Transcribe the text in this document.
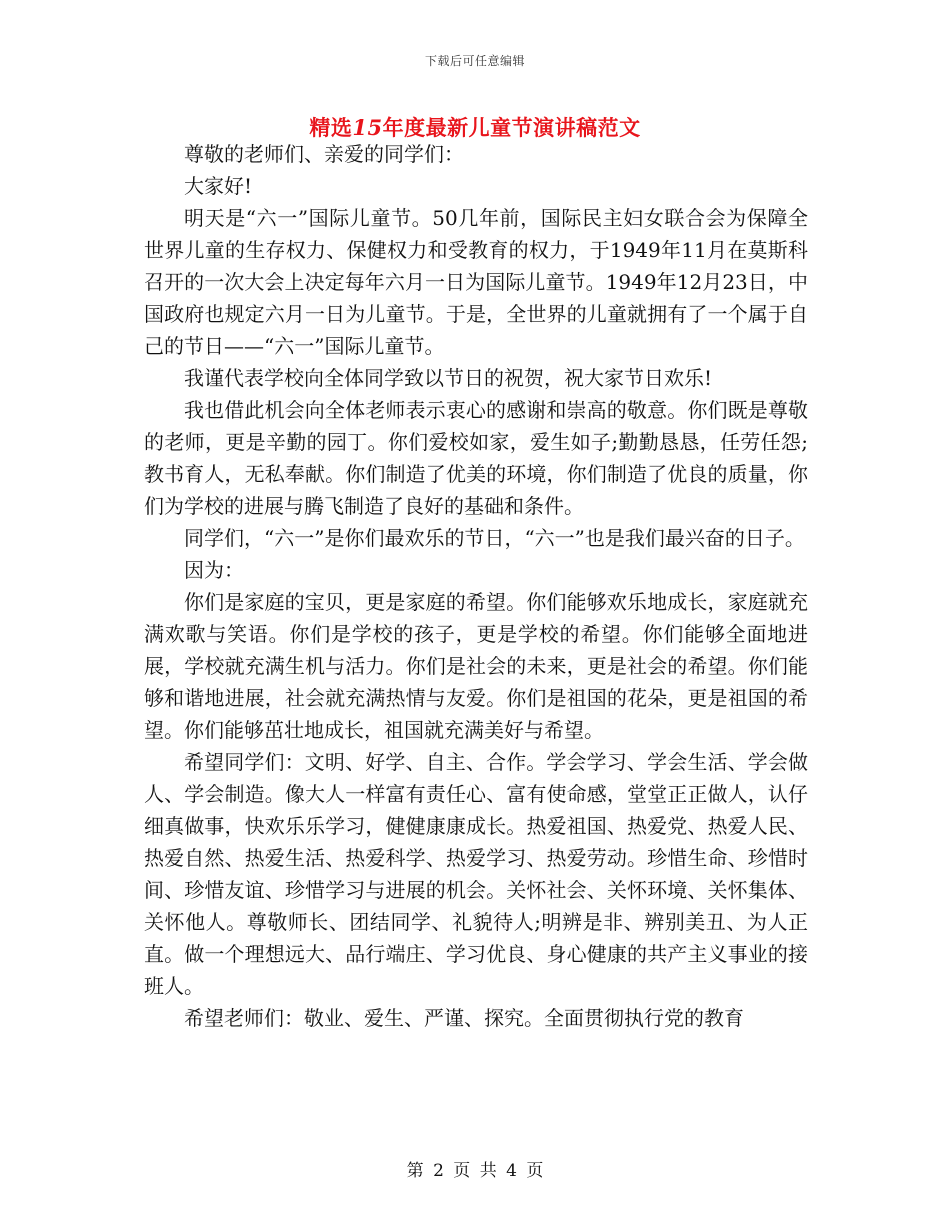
下载后可任意编辑
精选15年度最新儿童节演讲稿范文

尊敬的老师们、亲爱的同学们：

大家好!

明天是“六一”国际儿童节。50几年前，国际民主妇女联合会为保障全世界儿童的生存权力、保健权力和受教育的权力，于1949年11月在莫斯科召开的一次大会上决定每年六月一日为国际儿童节。1949年12月23日，中国政府也规定六月一日为儿童节。于是，全世界的儿童就拥有了一个属于自己的节日——“六一”国际儿童节。

我谨代表学校向全体同学致以节日的祝贺，祝大家节日欢乐!

我也借此机会向全体老师表示衷心的感谢和崇高的敬意。你们既是尊敬的老师，更是辛勤的园丁。你们爱校如家，爱生如子;勤勤恳恳，任劳任怨;教书育人，无私奉献。你们制造了优美的环境，你们制造了优良的质量，你们为学校的进展与腾飞制造了良好的基础和条件。

同学们，“六一”是你们最欢乐的节日，“六一”也是我们最兴奋的日子。

因为：

你们是家庭的宝贝，更是家庭的希望。你们能够欢乐地成长，家庭就充满欢歌与笑语。你们是学校的孩子，更是学校的希望。你们能够全面地进展，学校就充满生机与活力。你们是社会的未来，更是社会的希望。你们能够和谐地进展，社会就充满热情与友爱。你们是祖国的花朵，更是祖国的希望。你们能够茁壮地成长，祖国就充满美好与希望。

希望同学们：文明、好学、自主、合作。学会学习、学会生活、学会做人、学会制造。像大人一样富有责任心、富有使命感，堂堂正正做人，认仔细真做事，快欢乐乐学习，健健康康成长。热爱祖国、热爱党、热爱人民、热爱自然、热爱生活、热爱科学、热爱学习、热爱劳动。珍惜生命、珍惜时间、珍惜友谊、珍惜学习与进展的机会。关怀社会、关怀环境、关怀集体、关怀他人。尊敬师长、团结同学、礼貌待人;明辨是非、辨别美丑、为人正直。做一个理想远大、品行端庄、学习优良、身心健康的共产主义事业的接班人。

希望老师们：敬业、爱生、严谨、探究。全面贯彻执行党的教育

第 2 页 共 4 页
